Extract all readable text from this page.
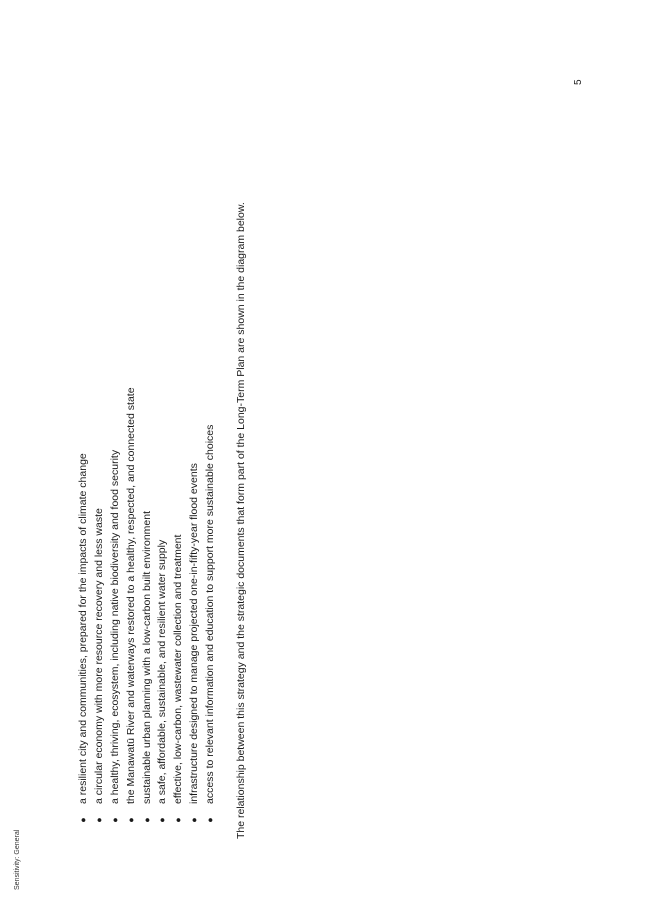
Sensitivity: General
●
a resilient city and communities, prepared for the impacts of climate change
●
a circular economy with more resource recovery and less waste
●
a healthy, thriving, ecosystem, including native biodiversity and food security
●
the Manawatū River and waterways restored to a healthy, respected, and connected state
●
sustainable urban planning with a low-carbon built environment
●
a safe, affordable, sustainable, and resilient water supply
●
effective, low-carbon, wastewater collection and treatment
●
infrastructure designed to manage projected one-in-fifty-year flood events
●
access to relevant information and education to support more sustainable choices The relationship between this strategy and the strategic documents that form part of the Long-Term Plan are shown in the diagram below.
5
